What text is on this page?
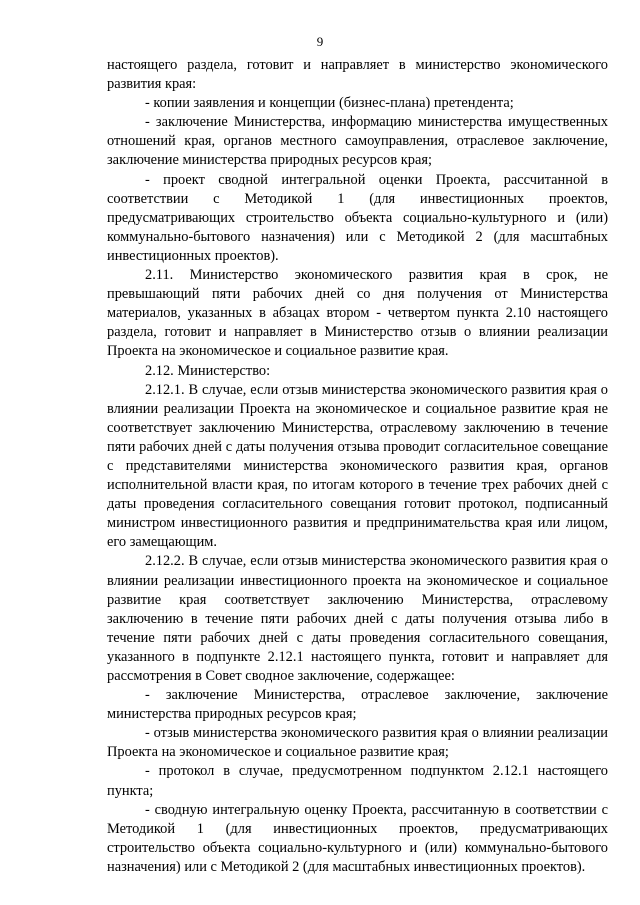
9

настоящего раздела, готовит и направляет в министерство экономического развития края:

- копии заявления и концепции (бизнес-плана) претендента;

- заключение Министерства, информацию министерства имущественных отношений края, органов местного самоуправления, отраслевое заключение, заключение министерства природных ресурсов края;

- проект сводной интегральной оценки Проекта, рассчитанной в соответствии с Методикой 1 (для инвестиционных проектов, предусматривающих строительство объекта социально-культурного и (или) коммунально-бытового назначения) или с Методикой 2 (для масштабных инвестиционных проектов).

2.11. Министерство экономического развития края в срок, не превышающий пяти рабочих дней со дня получения от Министерства материалов, указанных в абзацах втором - четвертом пункта 2.10 настоящего раздела, готовит и направляет в Министерство отзыв о влиянии реализации Проекта на экономическое и социальное развитие края.

2.12. Министерство:

2.12.1. В случае, если отзыв министерства экономического развития края о влиянии реализации Проекта на экономическое и социальное развитие края не соответствует заключению Министерства, отраслевому заключению в течение пяти рабочих дней с даты получения отзыва проводит согласительное совещание с представителями министерства экономического развития края, органов исполнительной власти края, по итогам которого в течение трех рабочих дней с даты проведения согласительного совещания готовит протокол, подписанный министром инвестиционного развития и предпринимательства края или лицом, его замещающим.

2.12.2. В случае, если отзыв министерства экономического развития края о влиянии реализации инвестиционного проекта на экономическое и социальное развитие края соответствует заключению Министерства, отраслевому заключению в течение пяти рабочих дней с даты получения отзыва либо в течение пяти рабочих дней с даты проведения согласительного совещания, указанного в подпункте 2.12.1 настоящего пункта, готовит и направляет для рассмотрения в Совет сводное заключение, содержащее:

- заключение Министерства, отраслевое заключение, заключение министерства природных ресурсов края;

- отзыв министерства экономического развития края о влиянии реализации Проекта на экономическое и социальное развитие края;

- протокол в случае, предусмотренном подпунктом 2.12.1 настоящего пункта;

- сводную интегральную оценку Проекта, рассчитанную в соответствии с Методикой 1 (для инвестиционных проектов, предусматривающих строительство объекта социально-культурного и (или) коммунально-бытового назначения) или с Методикой 2 (для масштабных инвестиционных проектов).
